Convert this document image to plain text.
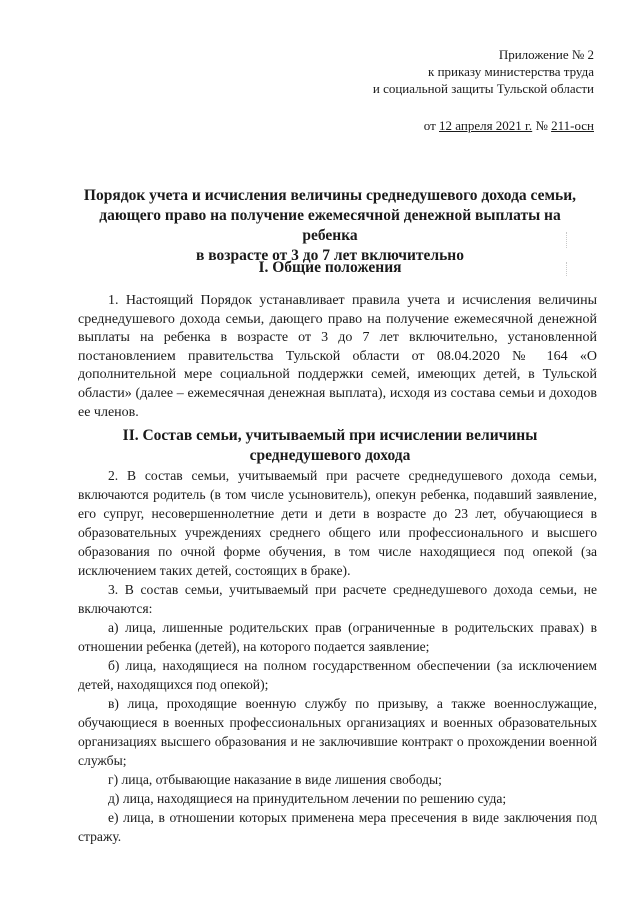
Приложение № 2
к приказу министерства труда
и социальной защиты Тульской области
от 12 апреля 2021 г. № 211-осн
Порядок учета и исчисления величины среднедушевого дохода семьи,
дающего право на получение ежемесячной денежной выплаты на ребенка
в возрасте от 3 до 7 лет включительно
I. Общие положения

1. Настоящий Порядок устанавливает правила учета и исчисления величины среднедушевого дохода семьи, дающего право на получение ежемесячной денежной выплаты на ребенка в возрасте от 3 до 7 лет включительно, установленной постановлением правительства Тульской области от 08.04.2020 № 164 «О дополнительной мере социальной поддержки семей, имеющих детей, в Тульской области» (далее – ежемесячная денежная выплата), исходя из состава семьи и доходов ее членов.

II. Состав семьи, учитываемый при исчислении величины
среднедушевого дохода

2. В состав семьи, учитываемый при расчете среднедушевого дохода семьи, включаются родитель (в том числе усыновитель), опекун ребенка, подавший заявление, его супруг, несовершеннолетние дети и дети в возрасте до 23 лет, обучающиеся в образовательных учреждениях среднего общего или профессионального и высшего образования по очной форме обучения, в том числе находящиеся под опекой (за исключением таких детей, состоящих в браке).

3. В состав семьи, учитываемый при расчете среднедушевого дохода семьи, не включаются:

а) лица, лишенные родительских прав (ограниченные в родительских правах) в отношении ребенка (детей), на которого подается заявление;

б) лица, находящиеся на полном государственном обеспечении (за исключением детей, находящихся под опекой);

в) лица, проходящие военную службу по призыву, а также военнослужащие, обучающиеся в военных профессиональных организациях и военных образовательных организациях высшего образования и не заключившие контракт о прохождении военной службы;

г) лица, отбывающие наказание в виде лишения свободы;

д) лица, находящиеся на принудительном лечении по решению суда;

е) лица, в отношении которых применена мера пресечения в виде заключения под стражу.
